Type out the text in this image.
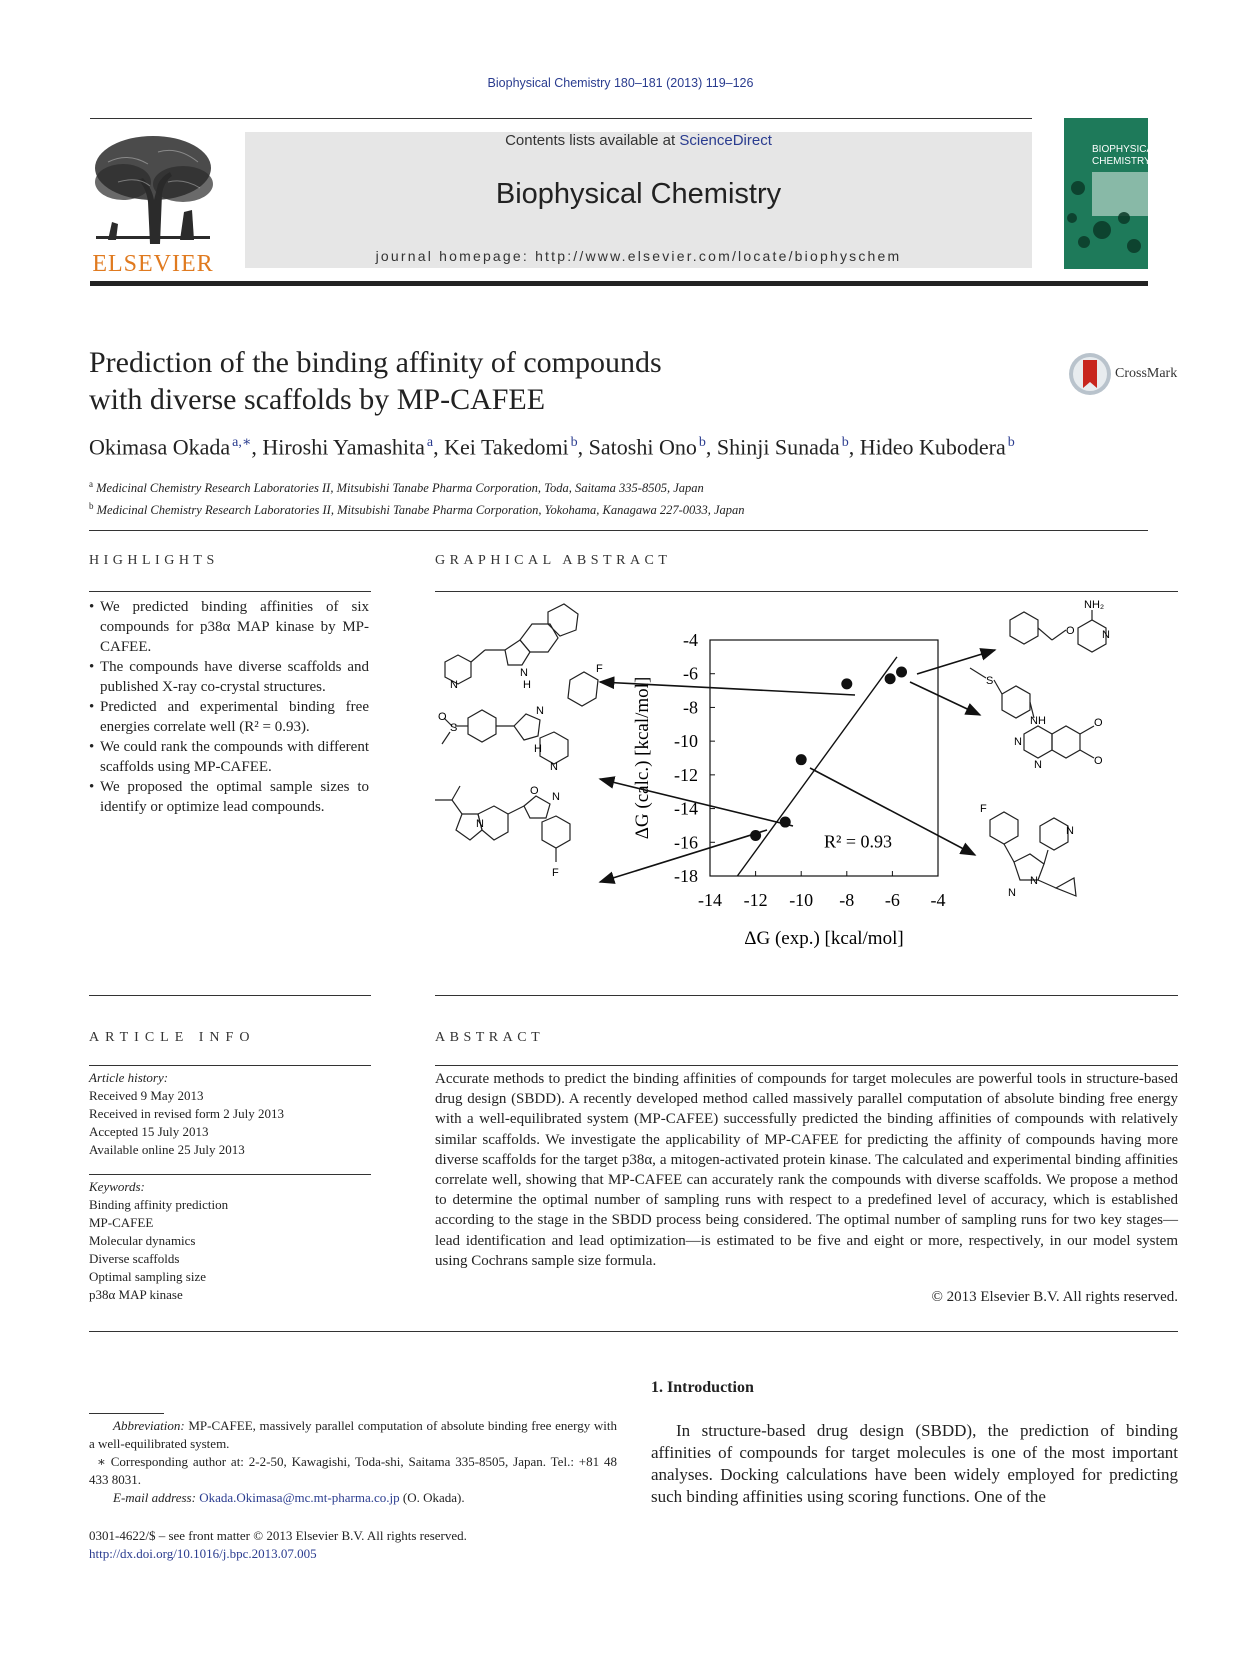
Biophysical Chemistry 180–181 (2013) 119–126
ELSEVIER
Contents lists available at ScienceDirect
Biophysical Chemistry
journal homepage: http://www.elsevier.com/locate/biophyschem
BIOPHYSICAL
CHEMISTRY
Prediction of the binding affinity of compounds
with diverse scaffolds by MP-CAFEE
CrossMark
Okimasa Okada $^{a,∗}$, Hiroshi Yamashita $^a$, Kei Takedomi $^b$, Satoshi Ono $^b$, Shinji Sunada $^b$, Hideo Kubodera $^b$
$^a$ Medicinal Chemistry Research Laboratories II, Mitsubishi Tanabe Pharma Corporation, Toda, Saitama 335-8505, Japan
$^b$ Medicinal Chemistry Research Laboratories II, Mitsubishi Tanabe Pharma Corporation, Yokohama, Kanagawa 227-0033, Japan
HIGHLIGHTS
• We predicted binding affinities of six compounds for p38α MAP kinase by MP-CAFEE.
• The compounds have diverse scaffolds and published X-ray co-crystal structures.
• Predicted and experimental binding free energies correlate well (R² = 0.93).
• We could rank the compounds with different scaffolds using MP-CAFEE.
• We proposed the optimal sample sizes to identify or optimize lead compounds.
GRAPHICAL ABSTRACT
-14 -12 -10 -8 -6 -4
-4
-6
-8
-10
-12
-14
-16
-18
R² = 0.93
ΔG (exp.) [kcal/mol]
ΔG (calc.) [kcal/mol]
N
N
H
F
O
S
N
H
N
N
N
O
F
O N
NH₂
S
NH
N
N
O
O
F
N
N
N
ARTICLE INFO
Article history:
Received 9 May 2013
Received in revised form 2 July 2013
Accepted 15 July 2013
Available online 25 July 2013
Keywords:
Binding affinity prediction
MP-CAFEE
Molecular dynamics
Diverse scaffolds
Optimal sampling size
p38α MAP kinase
ABSTRACT
Accurate methods to predict the binding affinities of compounds for target molecules are powerful tools in structure-based drug design (SBDD). A recently developed method called massively parallel computation of absolute binding free energy with a well-equilibrated system (MP-CAFEE) successfully predicted the binding affinities of compounds with relatively similar scaffolds. We investigate the applicability of MP-CAFEE for predicting the affinity of compounds having more diverse scaffolds for the target p38α, a mitogen-activated protein kinase. The calculated and experimental binding affinities correlate well, showing that MP-CAFEE can accurately rank the compounds with diverse scaffolds. We propose a method to determine the optimal number of sampling runs with respect to a predefined level of accuracy, which is established according to the stage in the SBDD process being considered. The optimal number of sampling runs for two key stages—lead identification and lead optimization—is estimated to be five and eight or more, respectively, in our model system using Cochrans sample size formula.
© 2013 Elsevier B.V. All rights reserved.
1. Introduction
In structure-based drug design (SBDD), the prediction of binding affinities of compounds for target molecules is one of the most important analyses. Docking calculations have been widely employed for predicting such binding affinities using scoring functions. One of the
Abbreviation: MP-CAFEE, massively parallel computation of absolute binding free energy with a well-equilibrated system.
∗ Corresponding author at: 2-2-50, Kawagishi, Toda-shi, Saitama 335-8505, Japan. Tel.: +81 48 433 8031.
E-mail address: Okada.Okimasa@mc.mt-pharma.co.jp (O. Okada).
0301-4622/$ – see front matter © 2013 Elsevier B.V. All rights reserved.
http://dx.doi.org/10.1016/j.bpc.2013.07.005
